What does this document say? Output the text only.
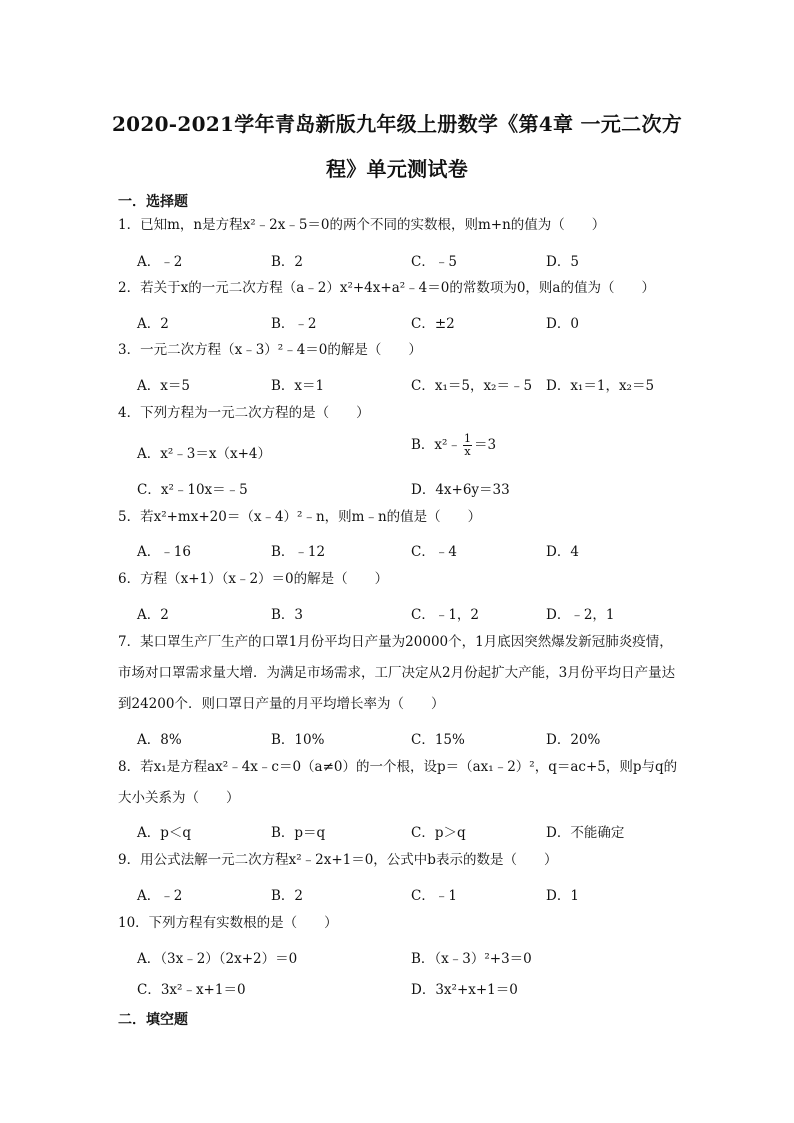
2020-2021学年青岛新版九年级上册数学《第4章 一元二次方
程》单元测试卷
一．选择题
1．已知m，n是方程x²﹣2x﹣5＝0的两个不同的实数根，则m+n的值为（　　）
A．﹣2	B．2	C．﹣5	D．5
2．若关于x的一元二次方程（a﹣2）x²+4x+a²﹣4＝0的常数项为0，则a的值为（　　）
A．2	B．﹣2	C．±2	D．0
3．一元二次方程（x﹣3）²﹣4＝0的解是（　　）
A．x＝5	B．x＝1	C．x₁＝5，x₂＝﹣5 D．x₁＝1，x₂＝5
4．下列方程为一元二次方程的是（　　）
A．x²﹣3＝x（x+4）
B．x²﹣ $\frac{1}{x} =3$
C．x²﹣10x＝﹣5	D．4x+6y＝33
5．若x²+mx+20＝（x﹣4）²﹣n，则m﹣n的值是（　　）
A．﹣16	B．﹣12	C．﹣4	D．4
6．方程（x+1）（x﹣2）＝0的解是（　　）
A．2	B．3	C．﹣1，2	D．﹣2，1
7．某口罩生产厂生产的口罩1月份平均日产量为20000个，1月底因突然爆发新冠肺炎疫情，市场对口罩需求量大增．为满足市场需求，工厂决定从2月份起扩大产能，3月份平均日产量达到24200个．则口罩日产量的月平均增长率为（　　）
A．8%	B．10%	C．15%	D．20%
8．若x₁是方程ax²﹣4x﹣c＝0（a≠0）的一个根，设p＝（ax₁﹣2）²，q＝ac+5，则p与q的大小关系为（　　）
A．p＜q	B．p＝q	C．p＞q	D．不能确定
9．用公式法解一元二次方程x²﹣2x+1＝0，公式中b表示的数是（　　）
A．﹣2	B．2	C．﹣1	D．1
10．下列方程有实数根的是（　　）
A．（3x﹣2）（2x+2）＝0	B．（x﹣3）²+3＝0
C．3x²﹣x+1＝0	D．3x²+x+1＝0
二．填空题
